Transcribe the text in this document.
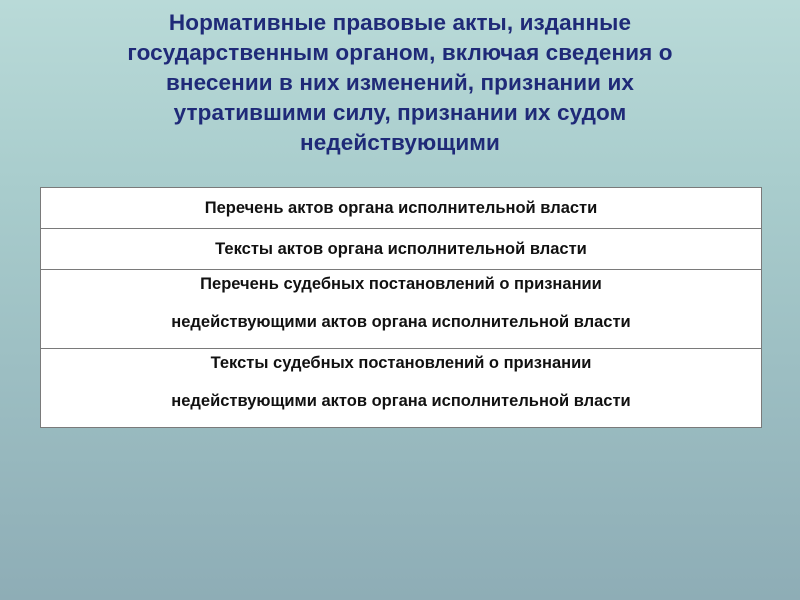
Нормативные правовые акты, изданные
государственным органом, включая сведения о
внесении в них изменений, признании их
утратившими силу, признании их судом
недействующими
Перечень актов органа исполнительной власти
Тексты актов органа исполнительной власти

Перечень судебных постановлений о признании
недействующими актов органа исполнительной власти

Тексты судебных постановлений о признании
недействующими актов органа исполнительной власти
